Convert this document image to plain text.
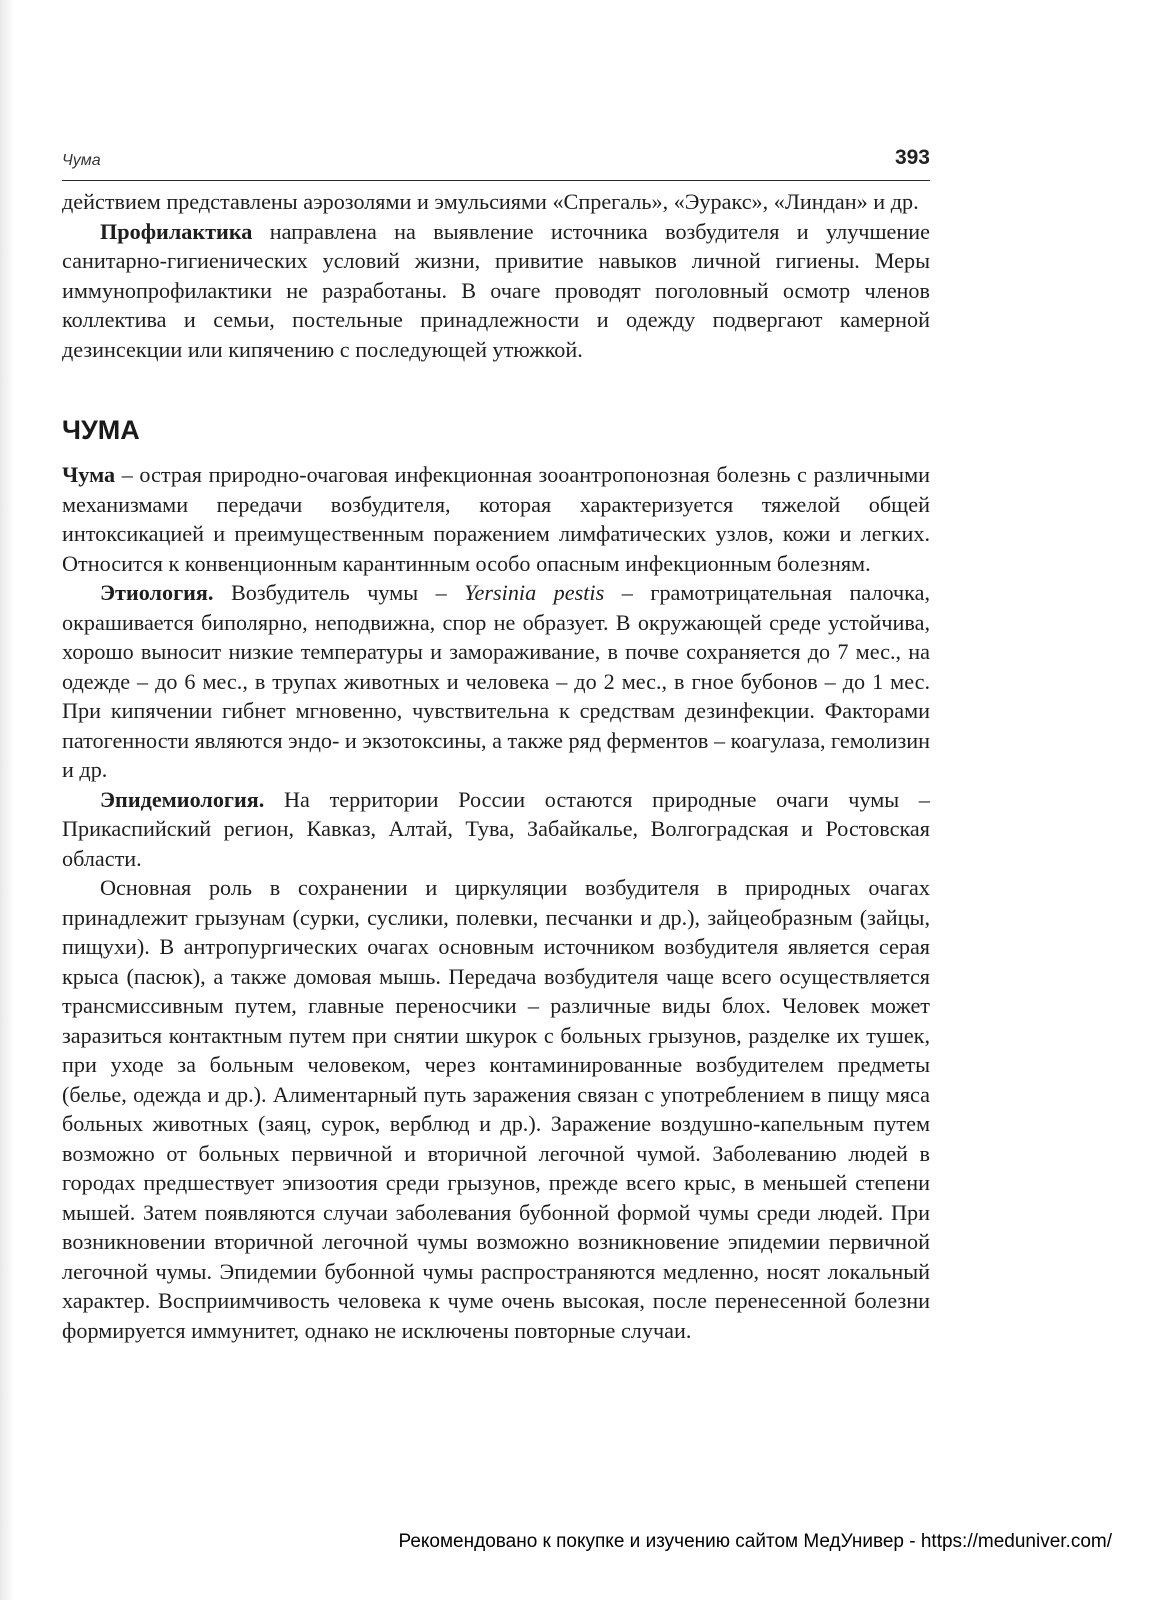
Чума	393

действием представлены аэрозолями и эмульсиями «Спрегаль», «Эуракс», «Линдан» и др.

Профилактика направлена на выявление источника возбудителя и улучшение санитарно-гигиенических условий жизни, привитие навыков личной гигиены. Меры иммунопрофилактики не разработаны. В очаге проводят поголовный осмотр членов коллектива и семьи, постельные принадлежности и одежду подвергают камерной дезинсекции или кипячению с последующей утюжкой.

ЧУМА

Чума – острая природно-очаговая инфекционная зооантропонозная болезнь с различными механизмами передачи возбудителя, которая характеризуется тяжелой общей интоксикацией и преимущественным поражением лимфатических узлов, кожи и легких. Относится к конвенционным карантинным особо опасным инфекционным болезням.

Этиология. Возбудитель чумы – Yersinia pestis – грамотрицательная палочка, окрашивается биполярно, неподвижна, спор не образует. В окружающей среде устойчива, хорошо выносит низкие температуры и замораживание, в почве сохраняется до 7 мес., на одежде – до 6 мес., в трупах животных и человека – до 2 мес., в гное бубонов – до 1 мес. При кипячении гибнет мгновенно, чувствительна к средствам дезинфекции. Факторами патогенности являются эндо- и экзотоксины, а также ряд ферментов – коагулаза, гемолизин и др.

Эпидемиология. На территории России остаются природные очаги чумы – Прикаспийский регион, Кавказ, Алтай, Тува, Забайкалье, Волгоградская и Ростовская области.

Основная роль в сохранении и циркуляции возбудителя в природных очагах принадлежит грызунам (сурки, суслики, полевки, песчанки и др.), зайцеобразным (зайцы, пищухи). В антропургических очагах основным источником возбудителя является серая крыса (пасюк), а также домовая мышь. Передача возбудителя чаще всего осуществляется трансмиссивным путем, главные переносчики – различные виды блох. Человек может заразиться контактным путем при снятии шкурок с больных грызунов, разделке их тушек, при уходе за больным человеком, через контаминированные возбудителем предметы (белье, одежда и др.). Алиментарный путь заражения связан с употреблением в пищу мяса больных животных (заяц, сурок, верблюд и др.). Заражение воздушно-капельным путем возможно от больных первичной и вторичной легочной чумой. Заболеванию людей в городах предшествует эпизоотия среди грызунов, прежде всего крыс, в меньшей степени мышей. Затем появляются случаи заболевания бубонной формой чумы среди людей. При возникновении вторичной легочной чумы возможно возникновение эпидемии первичной легочной чумы. Эпидемии бубонной чумы распространяются медленно, носят локальный характер. Восприимчивость человека к чуме очень высокая, после перенесенной болезни формируется иммунитет, однако не исключены повторные случаи.

Рекомендовано к покупке и изучению сайтом МедУнивер - https://meduniver.com/
